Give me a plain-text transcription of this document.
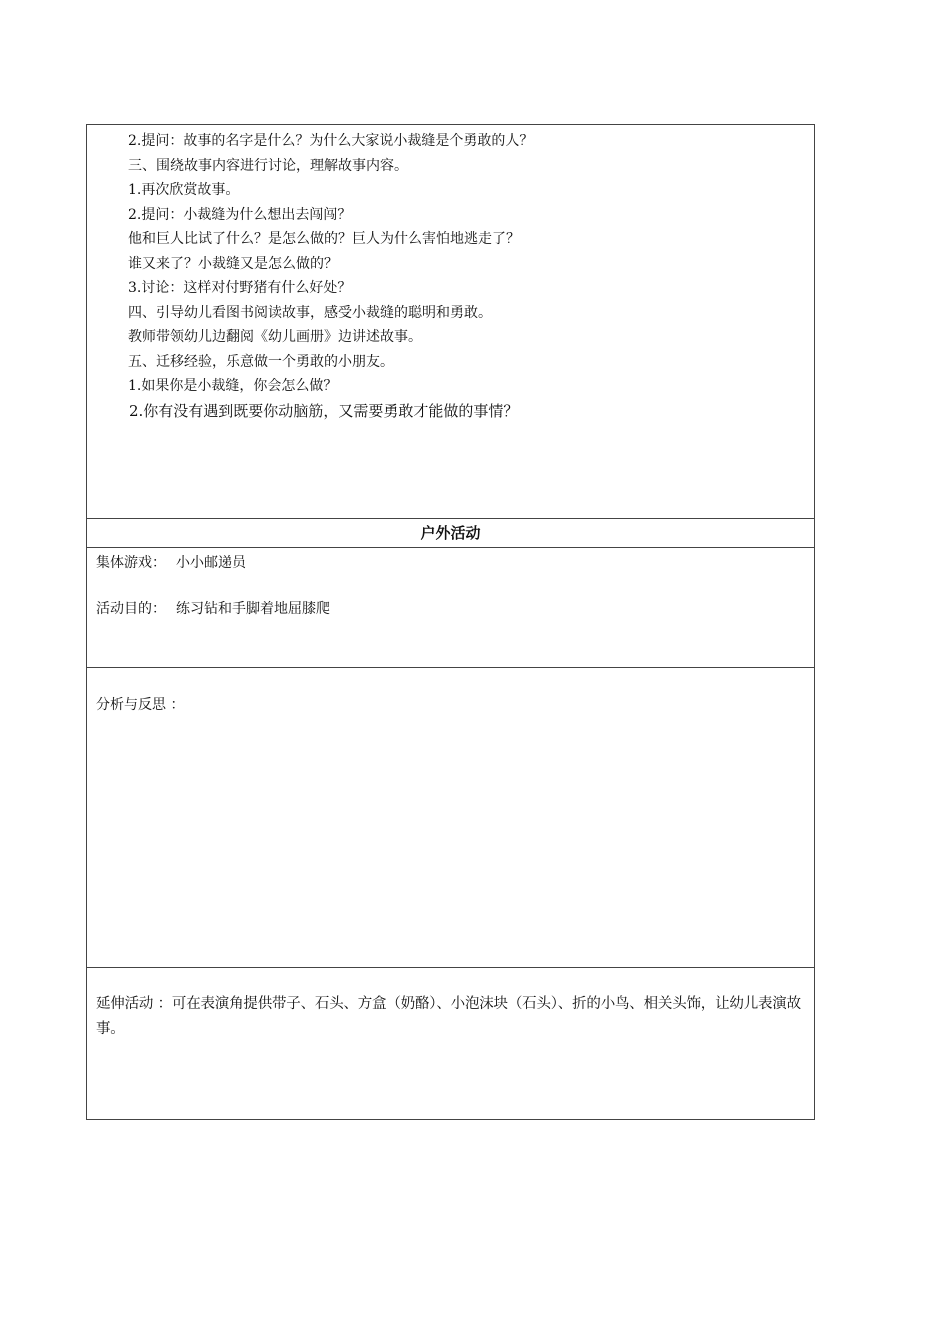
2.提问：故事的名字是什么？为什么大家说小裁缝是个勇敢的人？
三、围绕故事内容进行讨论，理解故事内容。
1.再次欣赏故事。
2.提问：小裁缝为什么想出去闯闯？
他和巨人比试了什么？是怎么做的？巨人为什么害怕地逃走了？
谁又来了？小裁缝又是怎么做的？
3.讨论：这样对付野猪有什么好处？
四、引导幼儿看图书阅读故事，感受小裁缝的聪明和勇敢。
教师带领幼儿边翻阅《幼儿画册》边讲述故事。
五、迁移经验，乐意做一个勇敢的小朋友。
1.如果你是小裁缝，你会怎么做？
2.你有没有遇到既要你动脑筋，又需要勇敢才能做的事情？
户外活动
集体游戏： 小小邮递员
活动目的： 练习钻和手脚着地屈膝爬
分析与反思 ：
延伸活动 ：可在表演角提供带子、石头、方盒（奶酪）、小泡沫块（石头）、折的小鸟、相关头饰，让幼儿表演故事。
